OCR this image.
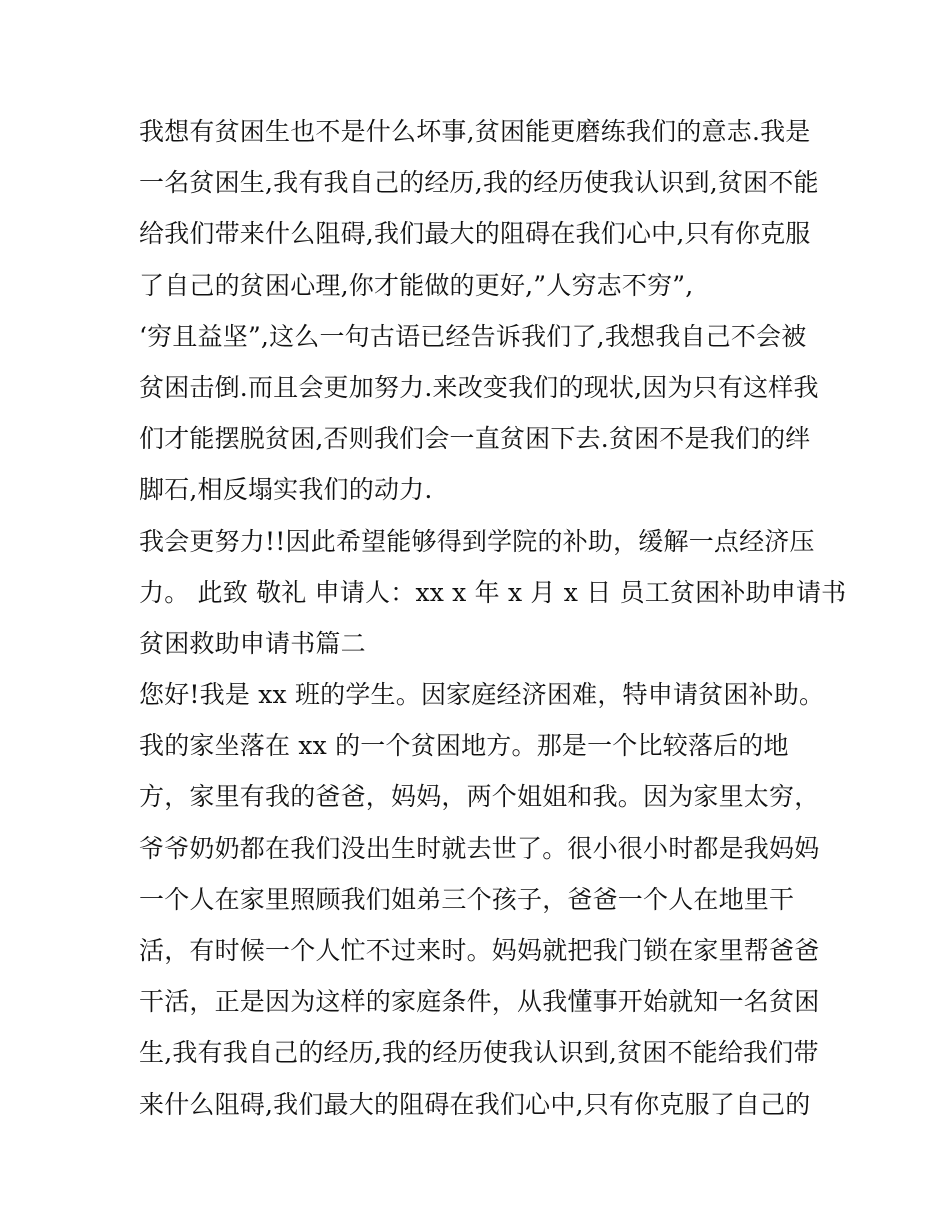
我想有贫困生也不是什么坏事,贫困能更磨练我们的意志.我是
一名贫困生,我有我自己的经历,我的经历使我认识到,贫困不能
给我们带来什么阻碍,我们最大的阻碍在我们心中,只有你克服
了自己的贫困心理,你才能做的更好,”人穷志不穷”,
‘穷且益坚”,这么一句古语已经告诉我们了,我想我自己不会被
贫困击倒.而且会更加努力.来改变我们的现状,因为只有这样我
们才能摆脱贫困,否则我们会一直贫困下去.贫困不是我们的绊
脚石,相反塌实我们的动力.
我会更努力!!因此希望能够得到学院的补助，缓解一点经济压
力。 此致 敬礼 申请人：xx x 年 x 月 x 日 员工贫困补助申请书
贫困救助申请书篇二
您好!我是 xx 班的学生。因家庭经济困难，特申请贫困补助。
我的家坐落在 xx 的一个贫困地方。那是一个比较落后的地
方，家里有我的爸爸，妈妈，两个姐姐和我。因为家里太穷，
爷爷奶奶都在我们没出生时就去世了。很小很小时都是我妈妈
一个人在家里照顾我们姐弟三个孩子，爸爸一个人在地里干
活，有时候一个人忙不过来时。妈妈就把我门锁在家里帮爸爸
干活，正是因为这样的家庭条件，从我懂事开始就知一名贫困
生,我有我自己的经历,我的经历使我认识到,贫困不能给我们带
来什么阻碍,我们最大的阻碍在我们心中,只有你克服了自己的
